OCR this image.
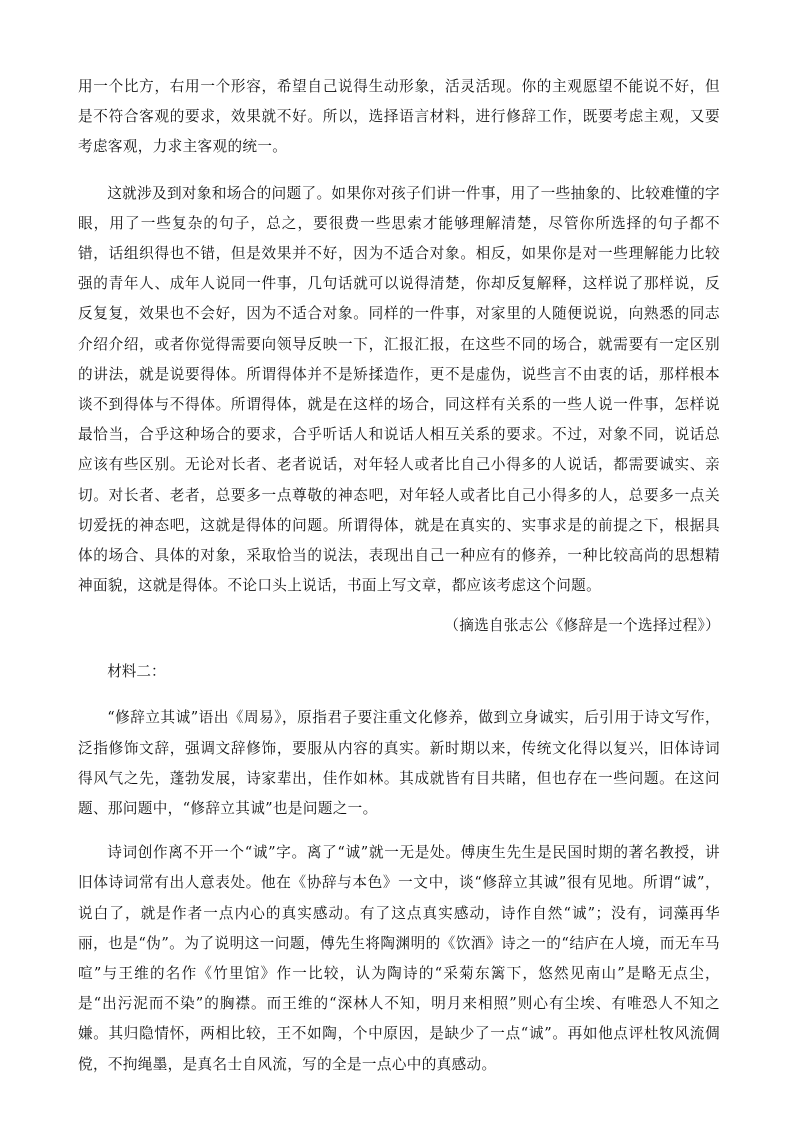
用一个比方，右用一个形容，希望自己说得生动形象，活灵活现。你的主观愿望不能说不好，但是不符合客观的要求，效果就不好。所以，选择语言材料，进行修辞工作，既要考虑主观，又要考虑客观，力求主客观的统一。

这就涉及到对象和场合的问题了。如果你对孩子们讲一件事，用了一些抽象的、比较难懂的字眼，用了一些复杂的句子，总之，要很费一些思索才能够理解清楚，尽管你所选择的句子都不错，话组织得也不错，但是效果并不好，因为不适合对象。相反，如果你是对一些理解能力比较强的青年人、成年人说同一件事，几句话就可以说得清楚，你却反复解释，这样说了那样说，反反复复，效果也不会好，因为不适合对象。同样的一件事，对家里的人随便说说，向熟悉的同志介绍介绍，或者你觉得需要向领导反映一下，汇报汇报，在这些不同的场合，就需要有一定区别的讲法，就是说要得体。所谓得体并不是矫揉造作，更不是虚伪，说些言不由衷的话，那样根本谈不到得体与不得体。所谓得体，就是在这样的场合，同这样有关系的一些人说一件事，怎样说最恰当，合乎这种场合的要求，合乎听话人和说话人相互关系的要求。不过，对象不同，说话总应该有些区别。无论对长者、老者说话，对年轻人或者比自己小得多的人说话，都需要诚实、亲切。对长者、老者，总要多一点尊敬的神态吧，对年轻人或者比自己小得多的人，总要多一点关切爱抚的神态吧，这就是得体的问题。所谓得体，就是在真实的、实事求是的前提之下，根据具体的场合、具体的对象，采取恰当的说法，表现出自己一种应有的修养，一种比较高尚的思想精神面貌，这就是得体。不论口头上说话，书面上写文章，都应该考虑这个问题。

（摘选自张志公《修辞是一个选择过程》）

材料二：

“修辞立其诚”语出《周易》，原指君子要注重文化修养，做到立身诚实，后引用于诗文写作，泛指修饰文辞，强调文辞修饰，要服从内容的真实。新时期以来，传统文化得以复兴，旧体诗词得风气之先，蓬勃发展，诗家辈出，佳作如林。其成就皆有目共睹，但也存在一些问题。在这问题、那问题中，“修辞立其诚”也是问题之一。

诗词创作离不开一个“诚”字。离了“诚”就一无是处。傅庚生先生是民国时期的著名教授，讲旧体诗词常有出人意表处。他在《协辞与本色》一文中，谈“修辞立其诚”很有见地。所谓“诚”，说白了，就是作者一点内心的真实感动。有了这点真实感动，诗作自然“诚”；没有，词藻再华丽，也是“伪”。为了说明这一问题，傅先生将陶渊明的《饮酒》诗之一的“结庐在人境，而无车马喧”与王维的名作《竹里馆》作一比较，认为陶诗的“采菊东篱下，悠然见南山”是略无点尘，是“出污泥而不染”的胸襟。而王维的“深林人不知，明月来相照”则心有尘埃、有唯恐人不知之嫌。其归隐情怀，两相比较，王不如陶，个中原因，是缺少了一点“诚”。再如他点评杜牧风流倜傥，不拘绳墨，是真名士自风流，写的全是一点心中的真感动。
